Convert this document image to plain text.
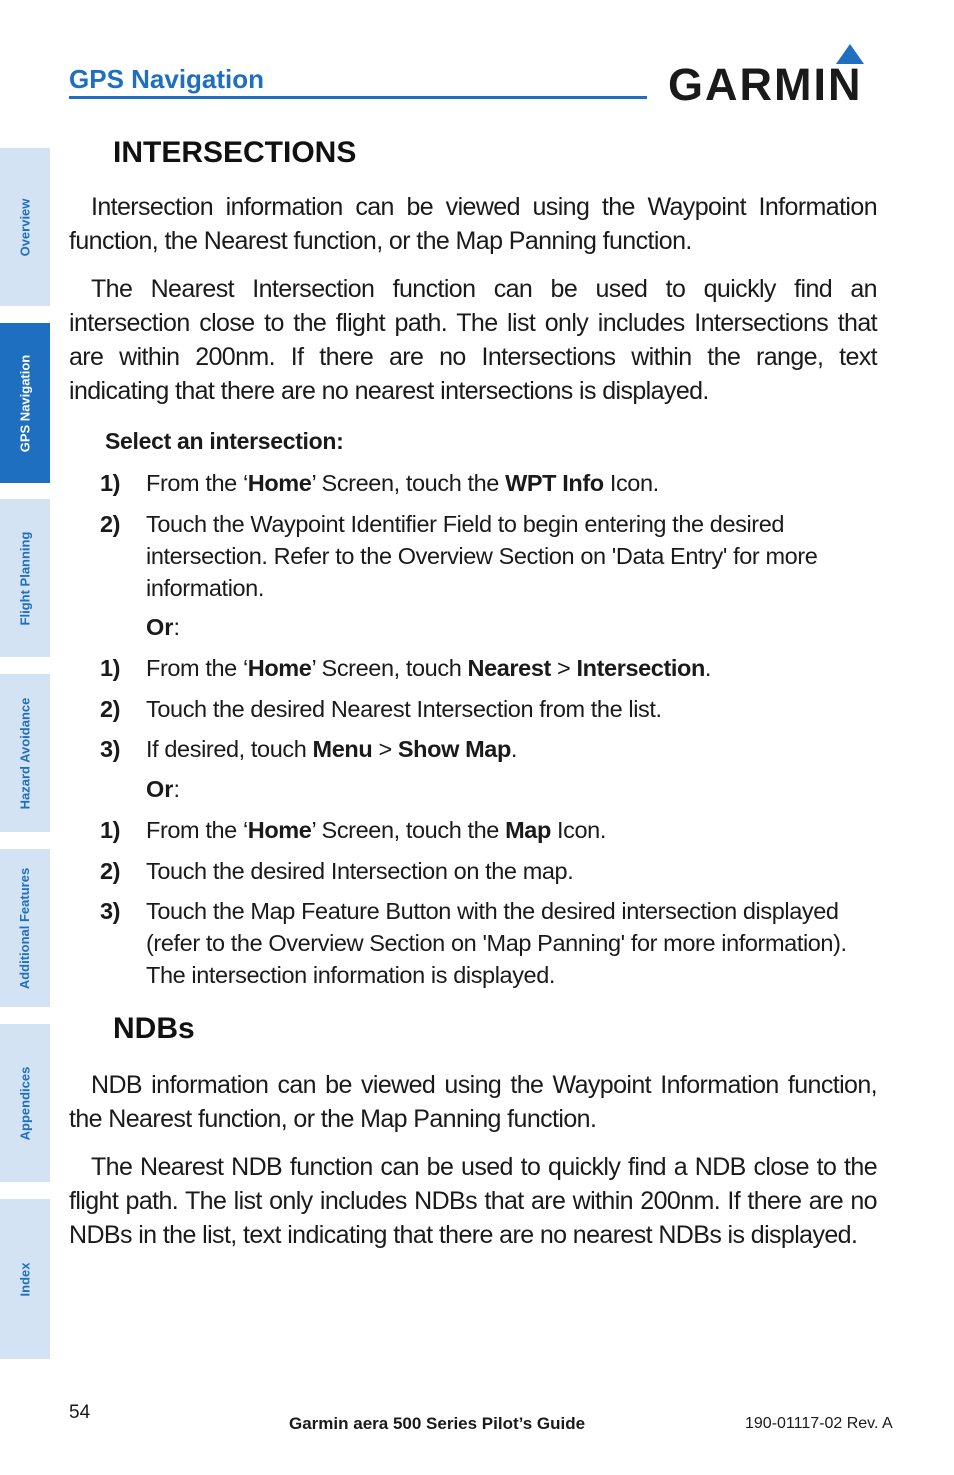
GPS Navigation	GARMIN
Overview
GPS Navigation
Flight Planning
Hazard Avoidance
Additional Features
Appendices
Index
INTERSECTIONS

Intersection information can be viewed using the Waypoint Information function, the Nearest function, or the Map Panning function.

The Nearest Intersection function can be used to quickly find an intersection close to the flight path. The list only includes Intersections that are within 200nm. If there are no Intersections within the range, text indicating that there are no nearest intersections is displayed.

Select an intersection:
1) From the ‘Home’ Screen, touch the WPT Info Icon.
2) Touch the Waypoint Identifier Field to begin entering the desired intersection. Refer to the Overview Section on 'Data Entry' for more information.
Or:
1) From the ‘Home’ Screen, touch Nearest > Intersection.
2) Touch the desired Nearest Intersection from the list.
3) If desired, touch Menu > Show Map.
Or:
1) From the ‘Home’ Screen, touch the Map Icon.
2) Touch the desired Intersection on the map.
3) Touch the Map Feature Button with the desired intersection displayed (refer to the Overview Section on 'Map Panning' for more information). The intersection information is displayed.
NDBs

NDB information can be viewed using the Waypoint Information function, the Nearest function, or the Map Panning function.

The Nearest NDB function can be used to quickly find a NDB close to the flight path. The list only includes NDBs that are within 200nm. If there are no NDBs in the list, text indicating that there are no nearest NDBs is displayed.

54
Garmin aera 500 Series Pilot’s Guide	190-01117-02 Rev. A
